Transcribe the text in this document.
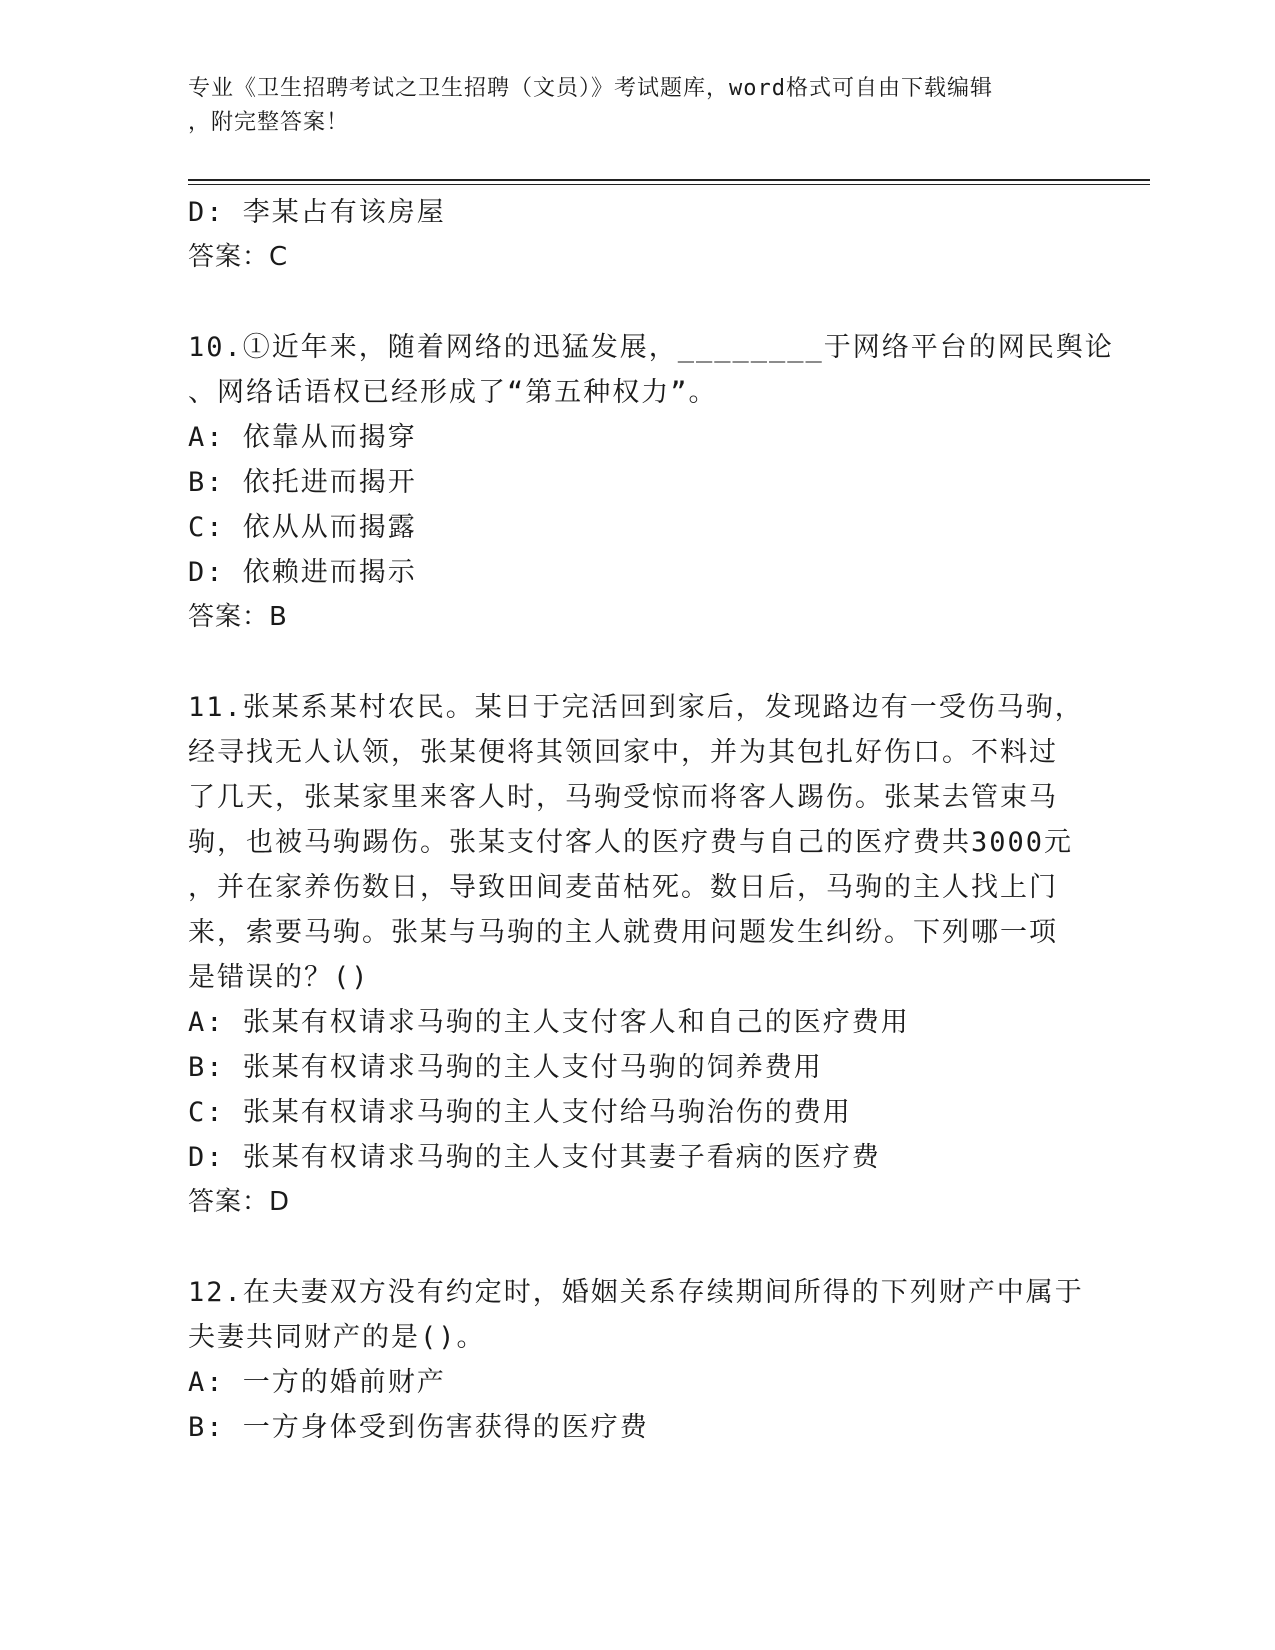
专业《卫生招聘考试之卫生招聘（文员）》考试题库，word格式可自由下载编辑
，附完整答案！
D: 李某占有该房屋
答案：C
10.①近年来，随着网络的迅猛发展，________于网络平台的网民舆论
、网络话语权已经形成了“第五种权力”。
A: 依靠从而揭穿
B: 依托进而揭开
C: 依从从而揭露
D: 依赖进而揭示
答案：B
11.张某系某村农民。某日于完活回到家后，发现路边有一受伤马驹，
经寻找无人认领，张某便将其领回家中，并为其包扎好伤口。不料过
了几天，张某家里来客人时，马驹受惊而将客人踢伤。张某去管束马
驹，也被马驹踢伤。张某支付客人的医疗费与自己的医疗费共3000元
，并在家养伤数日，导致田间麦苗枯死。数日后，马驹的主人找上门
来，索要马驹。张某与马驹的主人就费用问题发生纠纷。下列哪一项
是错误的？()
A: 张某有权请求马驹的主人支付客人和自己的医疗费用
B: 张某有权请求马驹的主人支付马驹的饲养费用
C: 张某有权请求马驹的主人支付给马驹治伤的费用
D: 张某有权请求马驹的主人支付其妻子看病的医疗费
答案：D
12.在夫妻双方没有约定时，婚姻关系存续期间所得的下列财产中属于
夫妻共同财产的是()。
A: 一方的婚前财产
B: 一方身体受到伤害获得的医疗费
